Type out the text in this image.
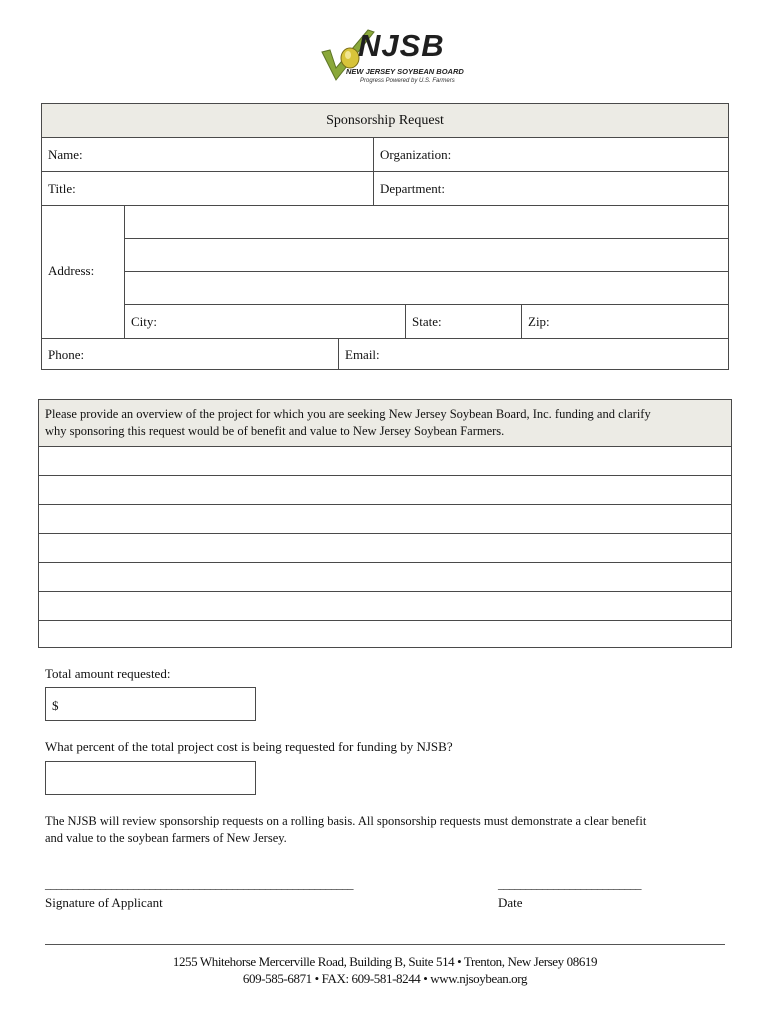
NJSB
NEW JERSEY SOYBEAN BOARD
Progress Powered by U.S. Farmers
Sponsorship Request
Name:	Organization:
Title:	Department:
Address:
City:	State:	Zip:
Phone:	Email:
Please provide an overview of the project for which you are seeking New Jersey Soybean Board, Inc. funding and clarify
why sponsoring this request would be of benefit and value to New Jersey Soybean Farmers.
Total amount requested:
$
What percent of the total project cost is being requested for funding by NJSB?
The NJSB will review sponsorship requests on a rolling basis. All sponsorship requests must demonstrate a clear benefit
and value to the soybean farmers of New Jersey.
________________________________________________________
Signature of Applicant
__________________________
Date
1255 Whitehorse Mercerville Road, Building B, Suite 514 • Trenton, New Jersey 08619
609-585-6871 • FAX: 609-581-8244 • www.njsoybean.org
